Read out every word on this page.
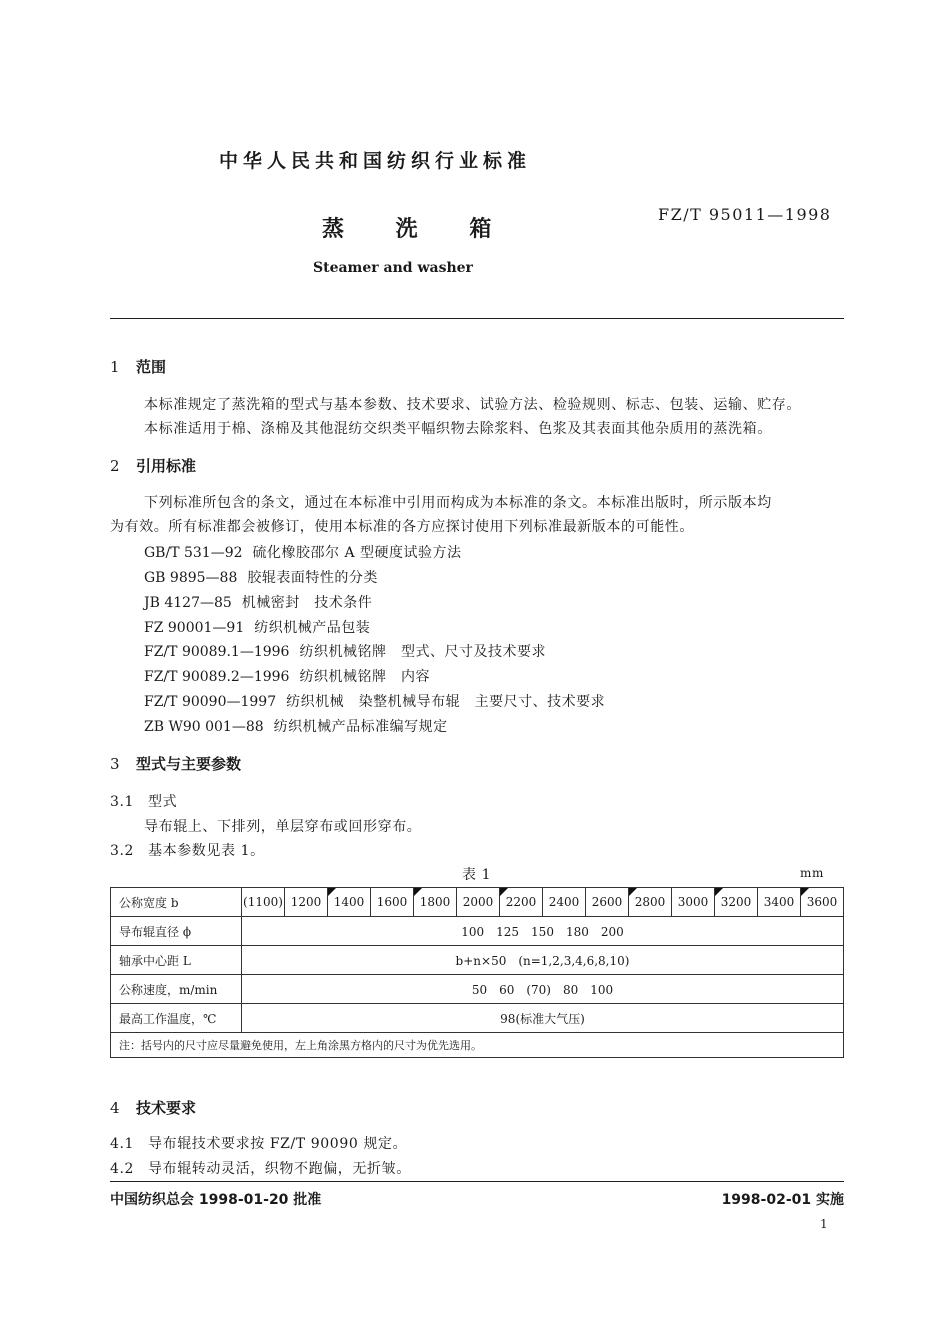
中华人民共和国纺织行业标准
蒸 洗 箱
FZ/T 95011—1998
Steamer and washer
1 范围
本标准规定了蒸洗箱的型式与基本参数、技术要求、试验方法、检验规则、标志、包装、运输、贮存。
本标准适用于棉、涤棉及其他混纺交织类平幅织物去除浆料、色浆及其表面其他杂质用的蒸洗箱。
2 引用标准
下列标准所包含的条文，通过在本标准中引用而构成为本标准的条文。本标准出版时，所示版本均
为有效。所有标准都会被修订，使用本标准的各方应探讨使用下列标准最新版本的可能性。
GB/T 531—92 硫化橡胶邵尔 A 型硬度试验方法
GB 9895—88 胶辊表面特性的分类
JB 4127—85 机械密封　技术条件
FZ 90001—91 纺织机械产品包装
FZ/T 90089.1—1996 纺织机械铭牌　型式、尺寸及技术要求
FZ/T 90089.2—1996 纺织机械铭牌　内容
FZ/T 90090—1997 纺织机械　染整机械导布辊　主要尺寸、技术要求
ZB W90 001—88 纺织机械产品标准编写规定
3 型式与主要参数
3.1 型式
导布辊上、下排列，单层穿布或回形穿布。
3.2 基本参数见表 1。
表 1	mm
公称宽度 b	(1100)	1200	1400	1600	1800	2000	2200	2400	2600	2800	3000	3200	3400	3600
导布辊直径 ϕ	100　125　150　180　200													
轴承中心距 L	b+n×50　(n=1,2,3,4,6,8,10)													
公称速度，m/min	50　60　(70)　80　100													
最高工作温度，℃	98(标准大气压)													
注：括号内的尺寸应尽量避免使用，左上角涂黑方格内的尺寸为优先选用。														
4 技术要求
4.1 导布辊技术要求按 FZ/T 90090 规定。
4.2 导布辊转动灵活，织物不跑偏，无折皱。
中国纺织总会 1998-01-20 批准	1998-02-01 实施
1
